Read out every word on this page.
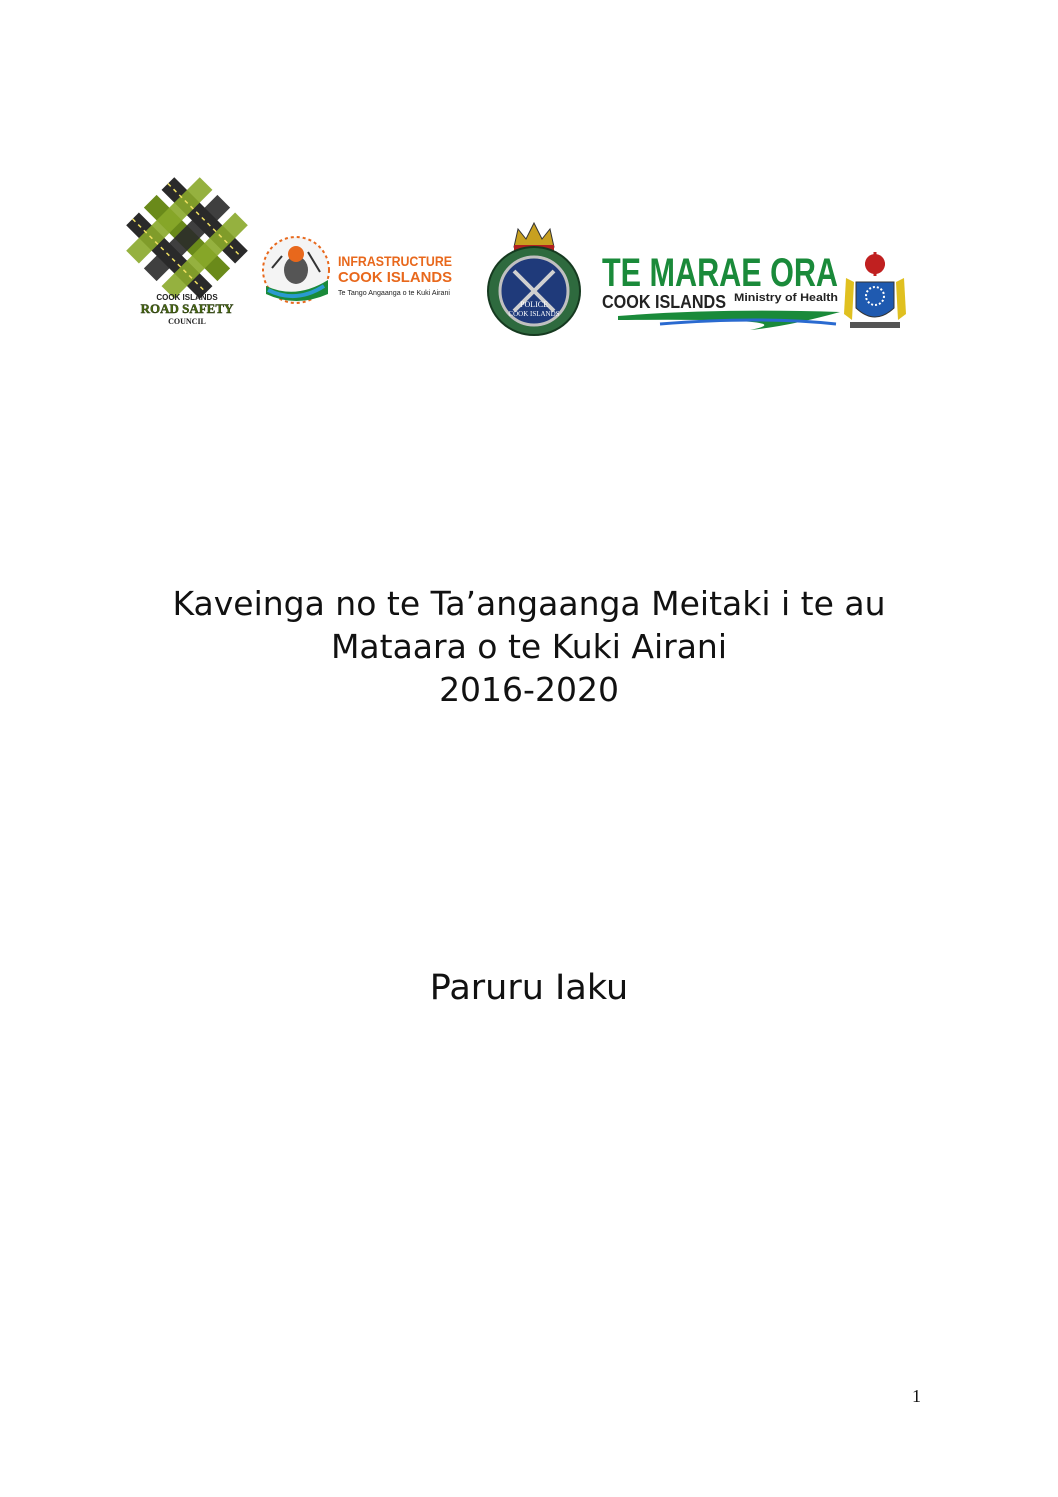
COOK ISLANDS
ROAD SAFETY
COUNCIL
INFRASTRUCTURE
COOK ISLANDS
Te Tango Angaanga o te Kuki Airani
POLICE
COOK ISLANDS
TE MARAE ORA
COOK ISLANDS Ministry of Health
Kaveinga no te Ta’angaanga Meitaki i te au
Mataara o te Kuki Airani
2016-2020
Paruru Iaku
1
